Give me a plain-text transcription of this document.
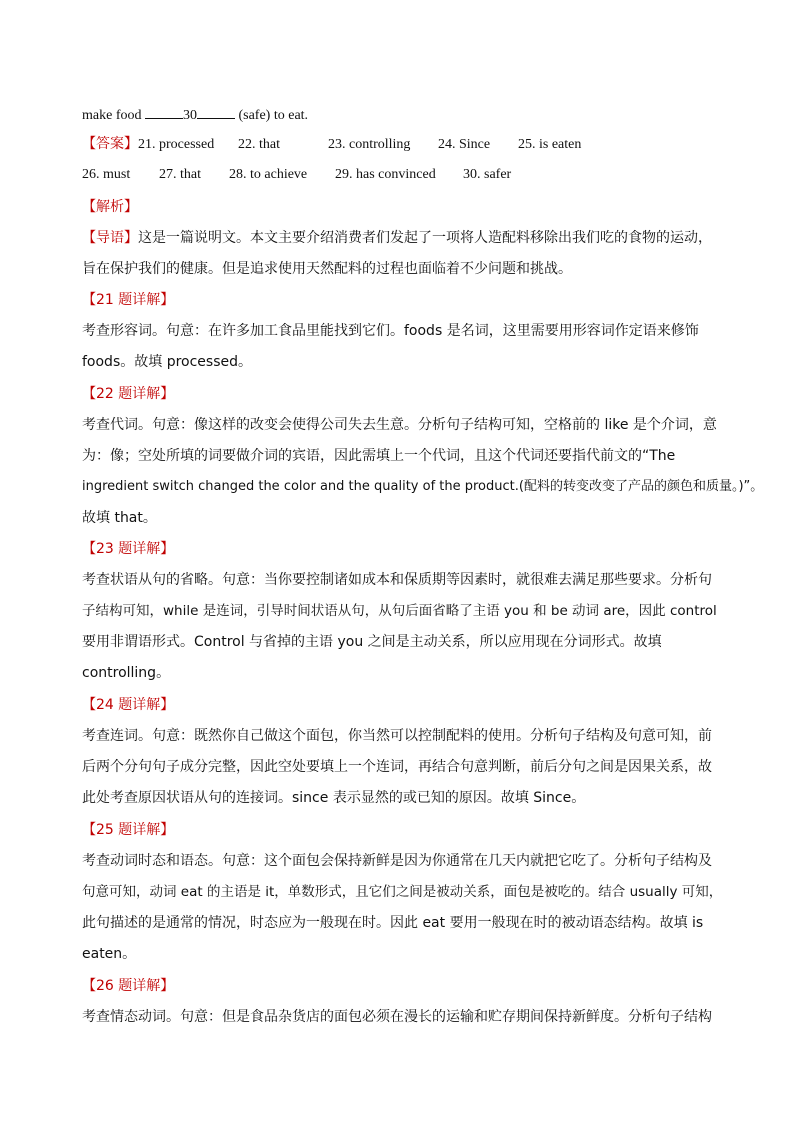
make food	30	(safe) to eat.
【答案】21. processed 22. that	23. controlling 24. Since 25. is eaten
26. must 27. that 28. to achieve 29. has convinced 30. safer
【解析】
【导语】这是一篇说明文。本文主要介绍消费者们发起了一项将人造配料移除出我们吃的食物的运动，
旨在保护我们的健康。但是追求使用天然配料的过程也面临着不少问题和挑战。
【21 题详解】
考查形容词。句意：在许多加工食品里能找到它们。foods 是名词，这里需要用形容词作定语来修饰
foods。故填 processed。
【22 题详解】
考查代词。句意：像这样的改变会使得公司失去生意。分析句子结构可知，空格前的 like 是个介词，意
为：像；空处所填的词要做介词的宾语，因此需填上一个代词，且这个代词还要指代前文的“The
ingredient switch changed the color and the quality of the product.(配料的转变改变了产品的颜色和质量。)”。
故填 that。
【23 题详解】
考查状语从句的省略。句意：当你要控制诸如成本和保质期等因素时，就很难去满足那些要求。分析句
子结构可知，while 是连词，引导时间状语从句，从句后面省略了主语 you 和 be 动词 are，因此 control
要用非谓语形式。Control 与省掉的主语 you 之间是主动关系，所以应用现在分词形式。故填
controlling。
【24 题详解】
考查连词。句意：既然你自己做这个面包，你当然可以控制配料的使用。分析句子结构及句意可知，前
后两个分句句子成分完整，因此空处要填上一个连词，再结合句意判断，前后分句之间是因果关系，故
此处考查原因状语从句的连接词。since 表示显然的或已知的原因。故填 Since。
【25 题详解】
考查动词时态和语态。句意：这个面包会保持新鲜是因为你通常在几天内就把它吃了。分析句子结构及
句意可知，动词 eat 的主语是 it，单数形式，且它们之间是被动关系，面包是被吃的。结合 usually 可知，
此句描述的是通常的情况，时态应为一般现在时。因此 eat 要用一般现在时的被动语态结构。故填 is
eaten。
【26 题详解】
考查情态动词。句意：但是食品杂货店的面包必须在漫长的运输和贮存期间保持新鲜度。分析句子结构
